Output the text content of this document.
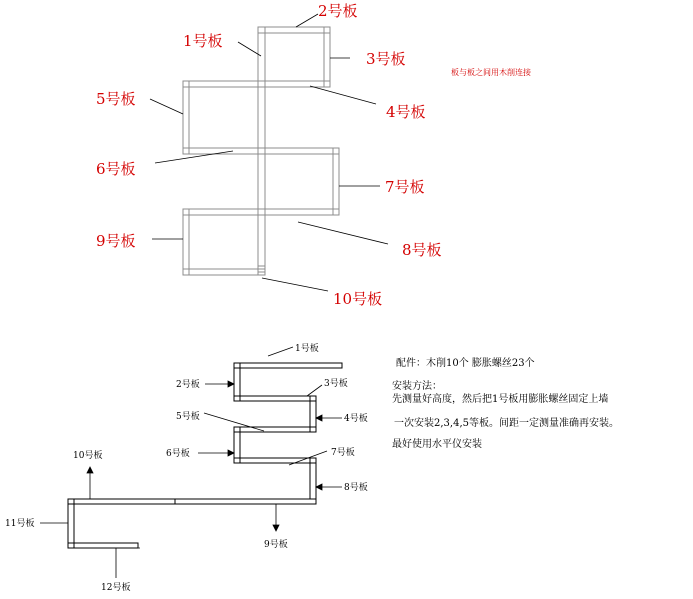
1号板
2号板
3号板
4号板
5号板
6号板
7号板
8号板
9号板
10号板
板与板之间用木削连接
1号板
2号板	3号板
4号板
5号板
6号板	7号板
8号板
9号板
10号板
11号板
12号板
配件：木削10个 膨胀螺丝23个
安装方法：
先测量好高度，然后把1号板用膨胀螺丝固定上墙
一次安装2,3,4,5等板。间距一定测量准确再安装。
最好使用水平仪安装
